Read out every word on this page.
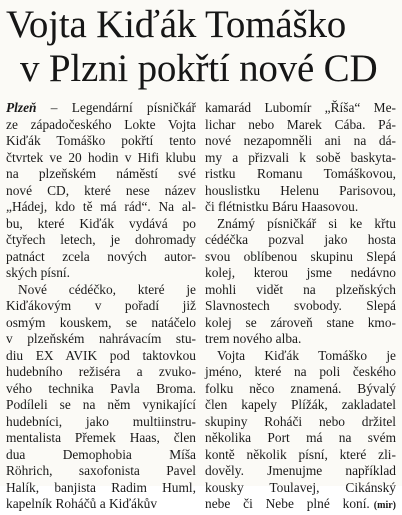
Vojta Kiďák Tomáško
v Plzni pokřtí nové CD
Plzeň – Legendární písničkář
ze západočeského Lokte Vojta
Kiďák Tomáško pokřtí tento
čtvrtek ve 20 hodin v Hifi klubu
na plzeňském náměstí své
nové CD, které nese název
„Hádej, kdo tě má rád“. Na al-
bu, které Kiďák vydává po
čtyřech letech, je dohromady
patnáct zcela nových autor-
ských písní.
Nové cédéčko, které je
Kiďákovým v pořadí již
osmým kouskem, se natáčelo
v plzeňském nahrávacím stu-
diu EX AVIK pod taktovkou
hudebního režiséra a zvuko-
vého technika Pavla Broma.
Podíleli se na něm vynikající
hudebníci, jako multiinstru-
mentalista Přemek Haas, člen
dua Demophobia Míša
Röhrich, saxofonista Pavel
Halík, banjista Radim Huml,
kapelník Roháčů a Kiďákův
kamarád Lubomír „Říša“ Me-
lichar nebo Marek Cába. Pá-
nové nezapomněli ani na dá-
my a přizvali k sobě baskyta-
ristku Romanu Tomáškovou,
houslistku Helenu Parisovou,
či flétnistku Báru Haasovou.
Známý písničkář si ke křtu
cédéčka pozval jako hosta
svou oblíbenou skupinu Slepá
kolej, kterou jsme nedávno
mohli vidět na plzeňských
Slavnostech svobody. Slepá
kolej se zároveň stane kmo-
trem nového alba.
Vojta Kiďák Tomáško je
jméno, které na poli českého
folku něco znamená. Bývalý
člen kapely Plížák, zakladatel
skupiny Roháči nebo držitel
několika Port má na svém
kontě několik písní, které zli-
dověly. Jmenujme například
kousky Toulavej, Cikánský
nebe či Nebe plné koní. (mir)
